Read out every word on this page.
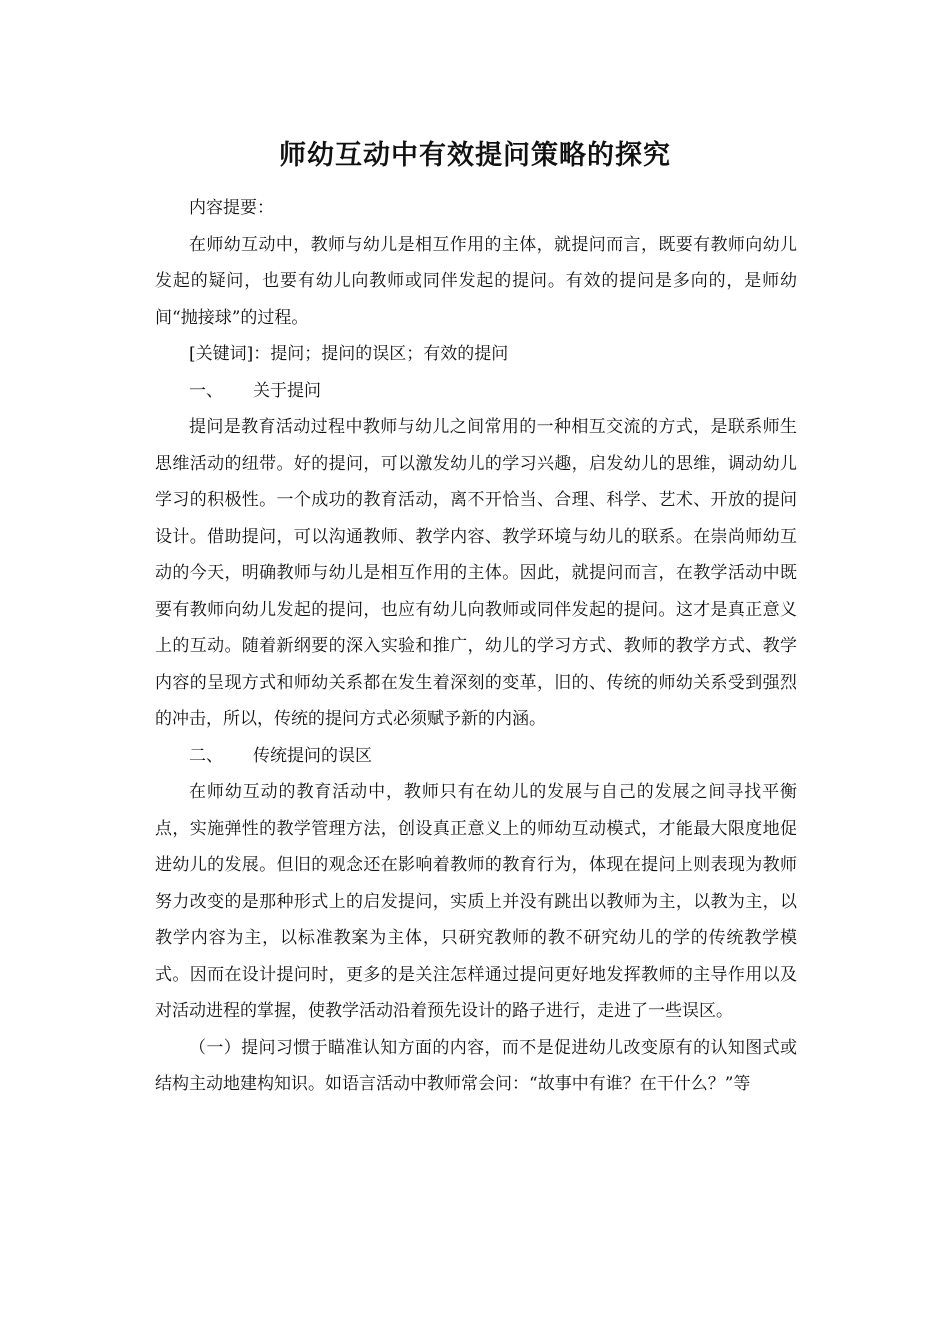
师幼互动中有效提问策略的探究

内容提要：

在师幼互动中，教师与幼儿是相互作用的主体，就提问而言，既要有教师向幼儿发起的疑问，也要有幼儿向教师或同伴发起的提问。有效的提问是多向的，是师幼间“抛接球”的过程。

[关键词]：提问；提问的误区；有效的提问

一、 关于提问

提问是教育活动过程中教师与幼儿之间常用的一种相互交流的方式，是联系师生思维活动的纽带。好的提问，可以激发幼儿的学习兴趣，启发幼儿的思维，调动幼儿学习的积极性。一个成功的教育活动，离不开恰当、合理、科学、艺术、开放的提问设计。借助提问，可以沟通教师、教学内容、教学环境与幼儿的联系。在崇尚师幼互动的今天，明确教师与幼儿是相互作用的主体。因此，就提问而言，在教学活动中既要有教师向幼儿发起的提问，也应有幼儿向教师或同伴发起的提问。这才是真正意义上的互动。随着新纲要的深入实验和推广，幼儿的学习方式、教师的教学方式、教学内容的呈现方式和师幼关系都在发生着深刻的变革，旧的、传统的师幼关系受到强烈的冲击，所以，传统的提问方式必须赋予新的内涵。

二、 传统提问的误区

在师幼互动的教育活动中，教师只有在幼儿的发展与自己的发展之间寻找平衡点，实施弹性的教学管理方法，创设真正意义上的师幼互动模式，才能最大限度地促进幼儿的发展。但旧的观念还在影响着教师的教育行为，体现在提问上则表现为教师努力改变的是那种形式上的启发提问，实质上并没有跳出以教师为主，以教为主，以教学内容为主，以标准教案为主体，只研究教师的教不研究幼儿的学的传统教学模式。因而在设计提问时，更多的是关注怎样通过提问更好地发挥教师的主导作用以及对活动进程的掌握，使教学活动沿着预先设计的路子进行，走进了一些误区。

（一）提问习惯于瞄准认知方面的内容，而不是促进幼儿改变原有的认知图式或结构主动地建构知识。如语言活动中教师常会问：“故事中有谁？在干什么？”等
